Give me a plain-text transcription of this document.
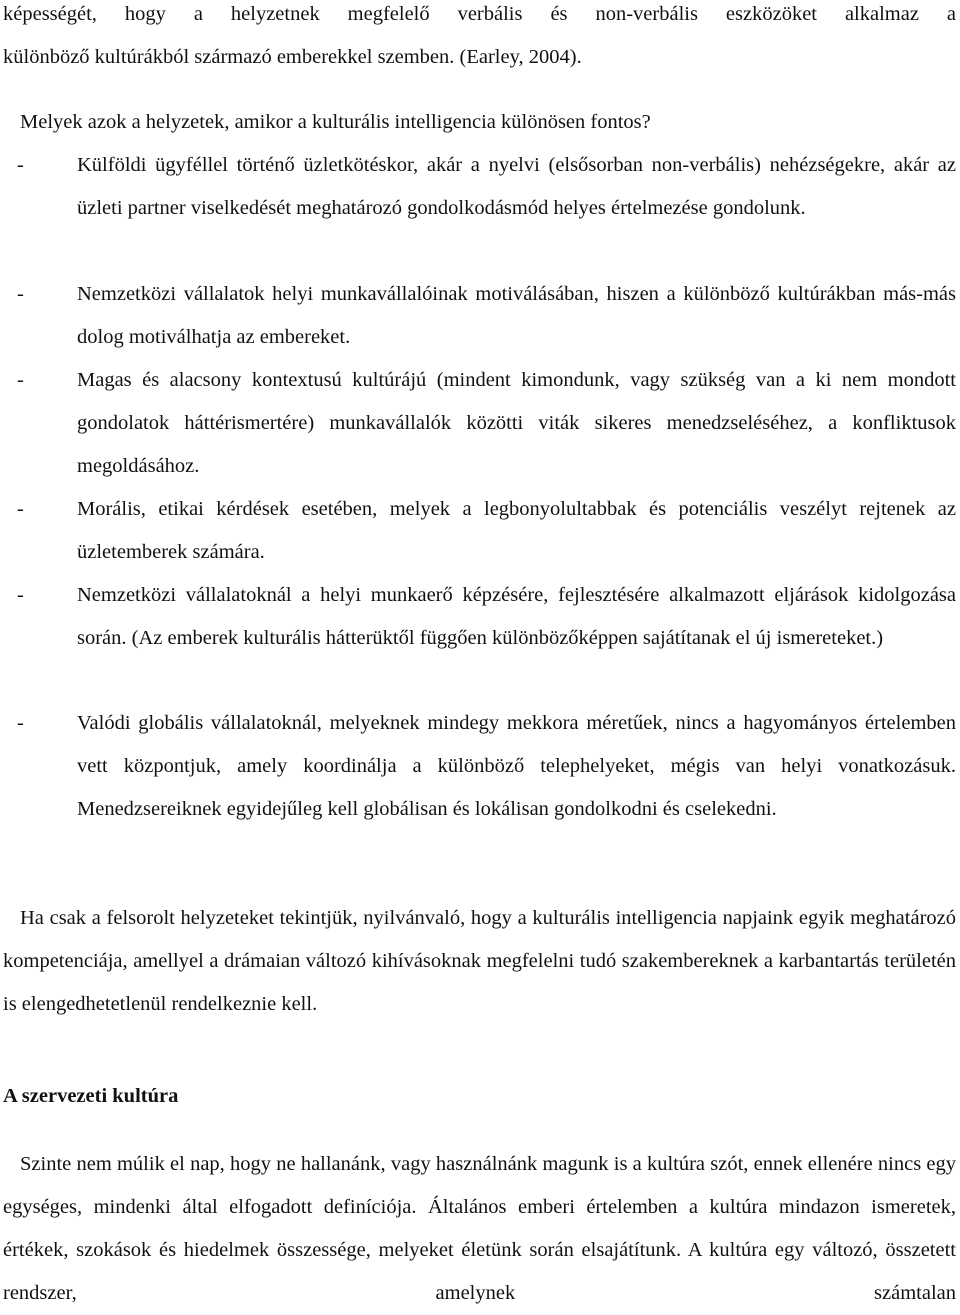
képességét, hogy a helyzetnek megfelelő verbális és non-verbális eszközöket alkalmaz a
különböző kultúrákból származó emberekkel szemben. (Earley, 2004).
Melyek azok a helyzetek, amikor a kulturális intelligencia különösen fontos?
-	Külföldi ügyféllel történő üzletkötéskor, akár a nyelvi (elsősorban non-verbális) nehézségekre, akár az üzleti partner viselkedését meghatározó gondolkodásmód helyes értelmezése gondolunk.
-	Nemzetközi vállalatok helyi munkavállalóinak motiválásában, hiszen a különböző kultúrákban más-más dolog motiválhatja az embereket.
-	Magas és alacsony kontextusú kultúrájú (mindent kimondunk, vagy szükség van a ki nem mondott gondolatok háttérismertére) munkavállalók közötti viták sikeres menedzseléséhez, a konfliktusok megoldásához.
-	Morális, etikai kérdések esetében, melyek a legbonyolultabbak és potenciális veszélyt rejtenek az üzletemberek számára.
-	Nemzetközi vállalatoknál a helyi munkaerő képzésére, fejlesztésére alkalmazott eljárások kidolgozása során. (Az emberek kulturális hátterüktől függően különbözőképpen sajátítanak el új ismereteket.)
-	Valódi globális vállalatoknál, melyeknek mindegy mekkora méretűek, nincs a hagyományos értelemben vett központjuk, amely koordinálja a különböző telephelyeket, mégis van helyi vonatkozásuk. Menedzsereiknek egyidejűleg kell globálisan és lokálisan gondolkodni és cselekedni.
Ha csak a felsorolt helyzeteket tekintjük, nyilvánvaló, hogy a kulturális intelligencia napjaink egyik meghatározó kompetenciája, amellyel a drámaian változó kihívásoknak megfelelni tudó szakembereknek a karbantartás területén is elengedhetetlenül rendelkeznie kell.
A szervezeti kultúra
Szinte nem múlik el nap, hogy ne hallanánk, vagy használnánk magunk is a kultúra szót, ennek ellenére nincs egy egységes, mindenki által elfogadott definíciója. Általános emberi értelemben a kultúra mindazon ismeretek, értékek, szokások és hiedelmek összessége, melyeket életünk során elsajátítunk. A kultúra egy változó, összetett rendszer, amelynek számtalan
